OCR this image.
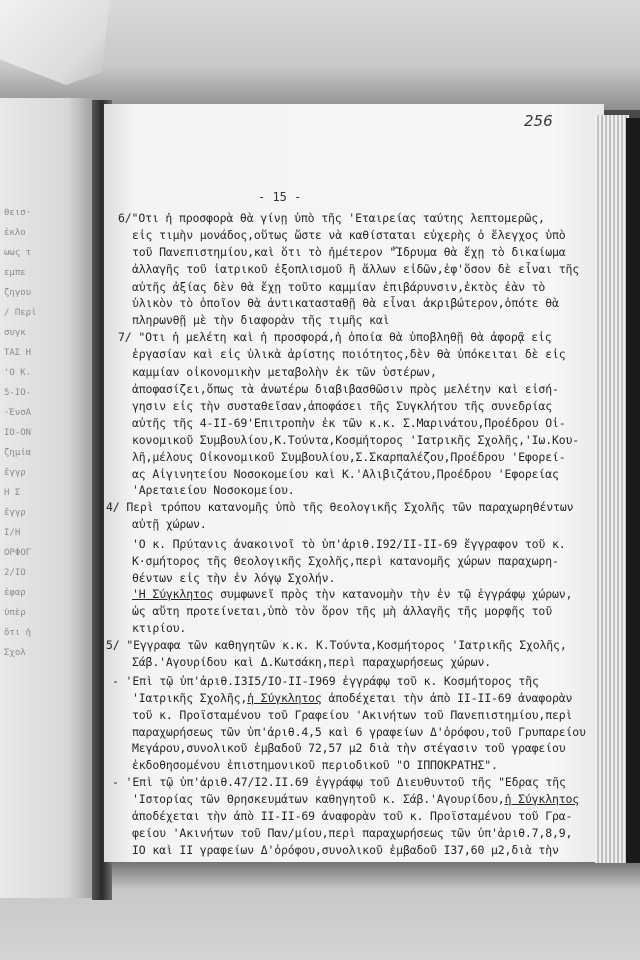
θεισ·
ἐκλο
ωως τ
εμπε
ζηγου
/ Περὶ
συγκ
ΤΑΣ Η
'Ο Κ.
5-ΙΟ-
·ἙνσΑ
ΙΟ-ΟΝ
ζημία
ἔγγρ
Η Σ
ἔγγρ
Ι/Η
ΟΡΦΟΓ
2/ΙΟ
ἐφαρ
ὑπὲρ
ὅτι ἡ
Σχολ
256
- 15 -
6/"Οτι ἡ προσφορὰ θὰ γίνῃ ὑπὸ τῆς 'Εταιρείας ταύτης λεπτομερῶς,
εἰς τιμὴν μονάδος,οὕτως ὥστε νὰ καθίσταται εὐχερὴς ὁ ἔλεγχος ὑπὸ
τοῦ Πανεπιστημίου,καὶ ὅτι τὸ ἡμέτερον "Ἵδρυμα θὰ ἔχῃ τὸ δικαίωμα
ἀλλαγῆς τοῦ ἰατρικοῦ ἐξοπλισμοῦ ἢ ἄλλων εἰδῶν,ἐφ'ὅσον δὲ εἶναι τῆς
αὐτῆς ἀξίας δὲν θὰ ἔχῃ τοῦτο καμμίαν ἐπιβάρυνσιν,ἐκτὸς ἐὰν τὸ
ὑλικὸν τὸ ὁποῖον θὰ ἀντικατασταθῇ θὰ εἶναι ἀκριβώτερον,ὁπότε θὰ
πληρωνθῇ μὲ τὴν διαφορὰν τῆς τιμῆς καὶ
7/ "Οτι ἡ μελέτη καὶ ἡ προσφορά,ἡ ὁποία θὰ ὑποβληθῇ θὰ ἀφορᾷ εἰς
ἐργασίαν καὶ εἰς ὑλικὰ ἀρίστης ποιότητος,δὲν θὰ ὑπόκειται δὲ εἰς
καμμίαν οἰκονομικὴν μεταβολὴν ἐκ τῶν ὑστέρων,
ἀποφασίζει,ὅπως τὰ ἀνωτέρω διαβιβασθῶσιν πρὸς μελέτην καὶ εἰσή-
γησιν εἰς τὴν συσταθεῖσαν,ἀποφάσει τῆς Συγκλήτου τῆς συνεδρίας
αὐτῆς τῆς 4-ΙΙ-69'Επιτροπὴν ἐκ τῶν κ.κ. Σ.Μαρινάτου,Προέδρου Οἰ-
κονομικοῦ Συμβουλίου,Κ.Τούντα,Κοσμήτορος 'Ιατρικῆς Σχολῆς,'Ιω.Κου-
λῆ,μέλους Οἰκονομικοῦ Συμβουλίου,Σ.Σκαρπαλέζου,Προέδρου 'Εφορεί-
ας Αἰγινητείου Νοσοκομείου καὶ Κ.'Αλιβιζάτου,Προέδρου 'Εφορείας
'Αρεταιείου Νοσοκομείου.
4/ Περὶ τρόπου κατανομῆς ὑπὸ τῆς θεολογικῆς Σχολῆς τῶν παραχωρηθέντων
αὐτῇ χώρων.
'Ο κ. Πρύτανις ἀνακοινοῖ τὸ ὑπ'ἀριθ.Ι92/ΙΙ-ΙΙ-69 ἔγγραφον τοῦ κ.
Κ·σμήτορος τῆς Θεολογικῆς Σχολῆς,περὶ κατανομῆς χώρων παραχωρη-
θέντων εἰς τὴν ἐν λόγῳ Σχολήν.
'Η Σύγκλητος συμφωνεῖ πρὸς τὴν κατανομὴν τὴν ἐν τῷ ἐγγράφῳ χώρων,
ὡς αὕτη προτείνεται,ὑπὸ τὸν ὅρον τῆς μὴ ἀλλαγῆς τῆς μορφῆς τοῦ
κτιρίου.
5/ "Εγγραφα τῶν καθηγητῶν κ.κ. Κ.Τούντα,Κοσμήτορος 'Ιατρικῆς Σχολῆς,
Σάβ.'Αγουρίδου καὶ Δ.Κωτσάκη,περὶ παραχωρήσεως χώρων.
- 'Επὶ τῷ ὑπ'ἀριθ.Ι3Ι5/ΙΟ-ΙΙ-Ι969 ἐγγράφῳ τοῦ κ. Κοσμήτορος τῆς
'Ιατρικῆς Σχολῆς,ἡ Σύγκλητος ἀποδέχεται τὴν ἀπὸ ΙΙ-ΙΙ-69 ἀναφορὰν
τοῦ κ. Προϊσταμένου τοῦ Γραφείου 'Ακινήτων τοῦ Πανεπιστημίου,περὶ
παραχωρήσεως τῶν ὑπ'ἀριθ.4,5 καὶ 6 γραφείων Δ'ὀρόφου,τοῦ Γρυπαρείου
Μεγάρου,συνολικοῦ ἐμβαδοῦ 72,57 μ2 διὰ τὴν στέγασιν τοῦ γραφείου
ἐκδοθησομένου ἐπιστημονικοῦ περιοδικοῦ "Ο ΙΠΠΟΚΡΑΤΗΣ".
- 'Επὶ τῷ ὑπ'ἀριθ.47/Ι2.ΙΙ.69 ἐγγράφῳ τοῦ Διευθυντοῦ τῆς "Εδρας τῆς
'Ιστορίας τῶν Θρησκευμάτων καθηγητοῦ κ. Σάβ.'Αγουρίδου,ἡ Σύγκλητος
ἀποδέχεται τὴν ἀπὸ ΙΙ-ΙΙ-69 ἀναφορὰν τοῦ κ. Προϊσταμένου τοῦ Γρα-
φείου 'Ακινήτων τοῦ Παν/μίου,περὶ παραχωρήσεως τῶν ὑπ'ἀριθ.7,8,9,
ΙΟ καὶ ΙΙ γραφείων Δ'ὀρόφου,συνολικοῦ ἐμβαδοῦ Ι37,60 μ2,διὰ τὴν
